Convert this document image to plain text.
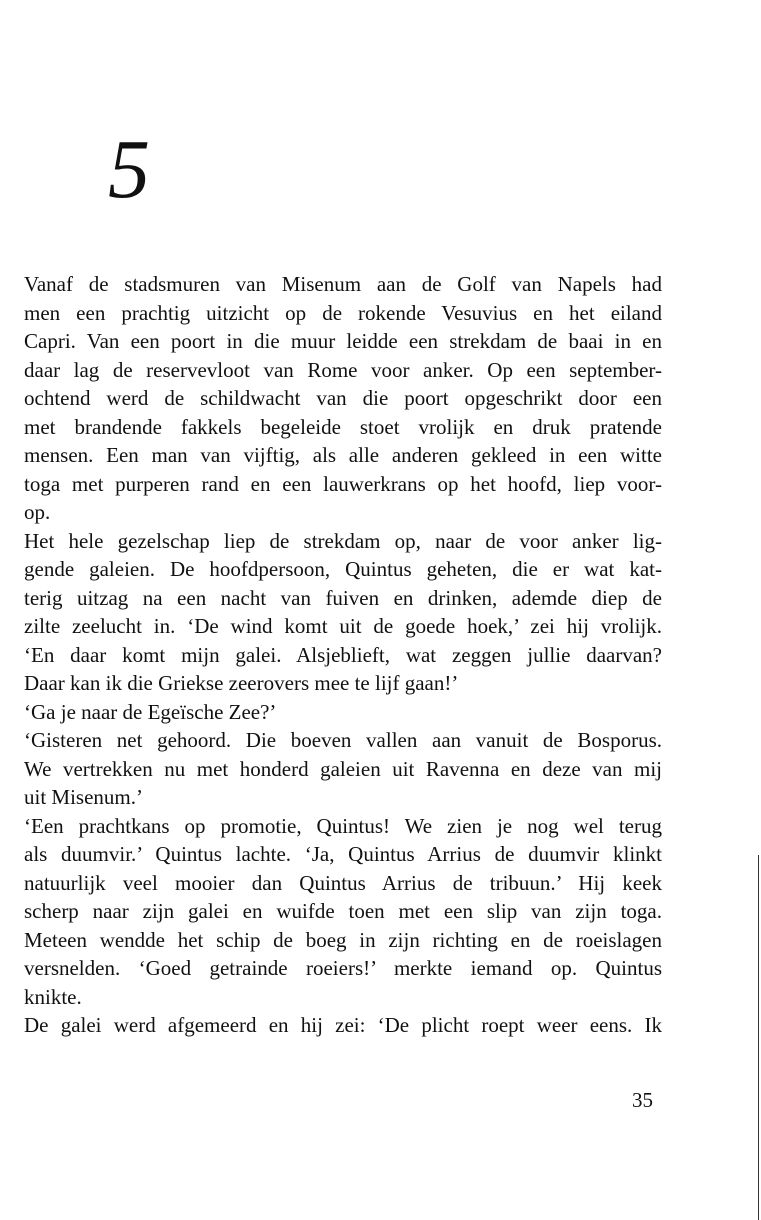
5
Vanaf de stadsmuren van Misenum aan de Golf van Napels had
men een prachtig uitzicht op de rokende Vesuvius en het eiland
Capri. Van een poort in die muur leidde een strekdam de baai in en
daar lag de reservevloot van Rome voor anker. Op een september-
ochtend werd de schildwacht van die poort opgeschrikt door een
met brandende fakkels begeleide stoet vrolijk en druk pratende
mensen. Een man van vijftig, als alle anderen gekleed in een witte
toga met purperen rand en een lauwerkrans op het hoofd, liep voor-
op.
Het hele gezelschap liep de strekdam op, naar de voor anker lig-
gende galeien. De hoofdpersoon, Quintus geheten, die er wat kat-
terig uitzag na een nacht van fuiven en drinken, ademde diep de
zilte zeelucht in. ‘De wind komt uit de goede hoek,’ zei hij vrolijk.
‘En daar komt mijn galei. Alsjeblieft, wat zeggen jullie daarvan?
Daar kan ik die Griekse zeerovers mee te lijf gaan!’
‘Ga je naar de Egeïsche Zee?’
‘Gisteren net gehoord. Die boeven vallen aan vanuit de Bosporus.
We vertrekken nu met honderd galeien uit Ravenna en deze van mij
uit Misenum.’
‘Een prachtkans op promotie, Quintus! We zien je nog wel terug
als duumvir.’ Quintus lachte. ‘Ja, Quintus Arrius de duumvir klinkt
natuurlijk veel mooier dan Quintus Arrius de tribuun.’ Hij keek
scherp naar zijn galei en wuifde toen met een slip van zijn toga.
Meteen wendde het schip de boeg in zijn richting en de roeislagen
versnelden. ‘Goed getrainde roeiers!’ merkte iemand op. Quintus
knikte.
De galei werd afgemeerd en hij zei: ‘De plicht roept weer eens. Ik
35
